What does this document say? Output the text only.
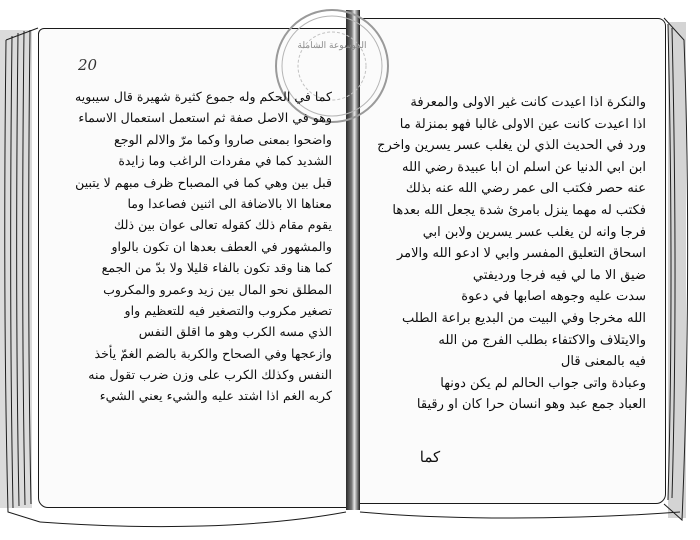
الموسوعة الشاملة
20
كما في الحكم وله جموع كثيرة شهيرة قال سيبويه
وهو في الاصل صفة ثم استعمل استعمال الاسماء
واضحوا بمعنى صاروا وكما مرّ والالم الوجع
الشديد كما في مفردات الراغب وما زايدة
قبل بين وهي كما في المصباح ظرف مبهم لا يتبين
معناها الا بالاضافة الى اثنين فصاعدا وما
يقوم مقام ذلك كقوله تعالى عوان بين ذلك
والمشهور في العطف بعدها ان تكون بالواو
كما هنا وقد تكون بالفاء قليلا ولا بدّ من الجمع
المطلق نحو المال بين زيد وعمرو والمكروب
تصغير مكروب والتصغير فيه للتعظيم واو
الذي مسه الكرب وهو ما اقلق النفس
وازعجها وفي الصحاح والكربة بالضم الغمّ يأخذ
النفس وكذلك الكرب على وزن ضرب تقول منه
كربه الغم اذا اشتد عليه والشيء يعني الشيء
والنكرة اذا اعيدت كانت غير الاولى والمعرفة
اذا اعيدت كانت عين الاولى غالبا فهو بمنزلة ما
ورد في الحديث الذي لن يغلب عسر يسرين واخرج
ابن ابي الدنيا عن اسلم ان ابا عبيدة رضي الله
عنه حصر فكتب الى عمر رضي الله عنه بذلك
فكتب له مهما ينزل بامرئ شدة يجعل الله بعدها
فرجا وانه لن يغلب عسر يسرين ولابن ابي
اسحاق التعليق المفسر وابي لا ادعو الله والامر
ضيق الا ما لي فيه فرجا ورديفتي
سدت عليه وجوهه اصابها في دعوة
الله مخرجا وفي البيت من البديع براعة الطلب
والايتلاف والاكتفاء بطلب الفرج من الله
فيه بالمعنى قال
وعبادة واتى جواب الحالم لم يكن دونها
العباد جمع عبد وهو انسان حرا كان او رقيقا
كما
